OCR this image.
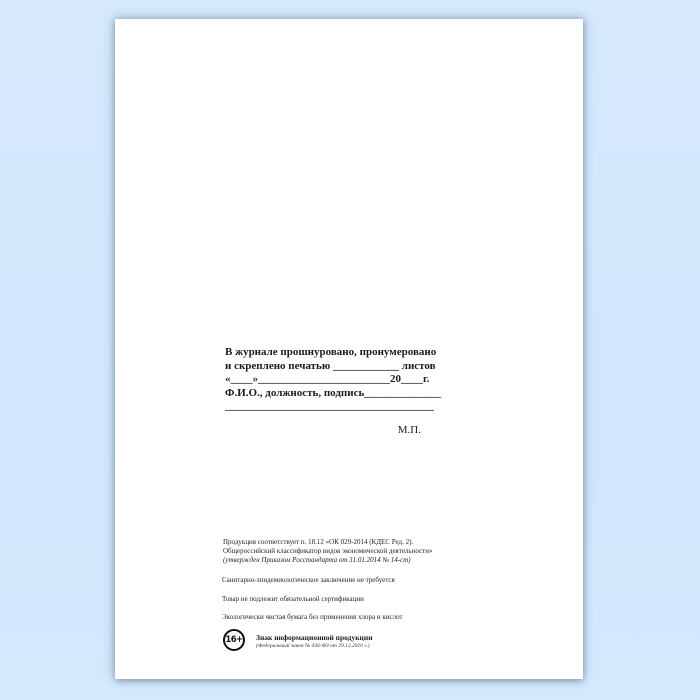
В журнале прошнуровано, пронумеровано
и скреплено печатью ____________ листов
«____»________________________20____г.
Ф.И.О., должность, подпись______________
______________________________________
М.П.
Продукция соответствует п. 18.12 «ОК 029-2014 (КДЕС Ред. 2).
Общероссийский классификатор видов экономической деятельности»
(утвержден Приказом Росстандарта от 31.01.2014 № 14-ст)
Санитарно-эпидемиологическое заключение не требуется
Товар не подлежит обязательной сертификации
Экологически чистая бумага без применения хлора и кислот
16+	Знак информационной продукции
(Федеральный закон № 436-ФЗ от 29.12.2010 г.)
